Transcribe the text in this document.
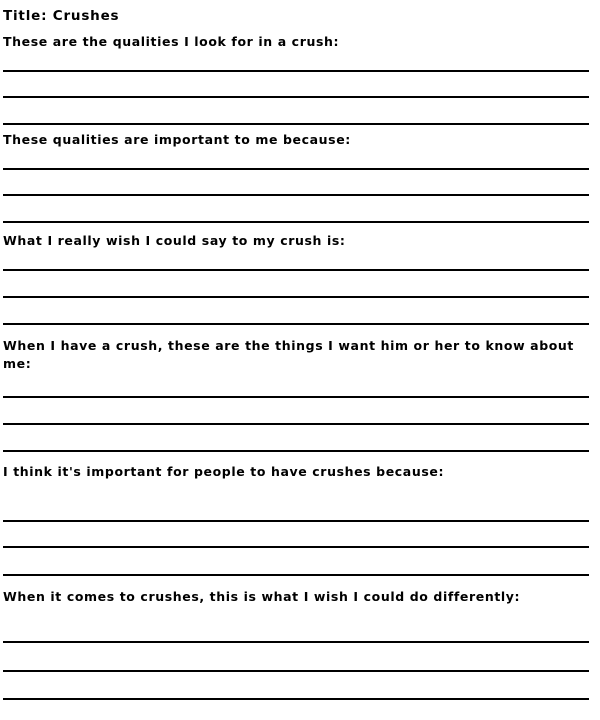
Title: Crushes
These are the qualities I look for in a crush:
These qualities are important to me because:
What I really wish I could say to my crush is:
When I have a crush, these are the things I want him or her to know about me:
I think it's important for people to have crushes because:
When it comes to crushes, this is what I wish I could do differently:
